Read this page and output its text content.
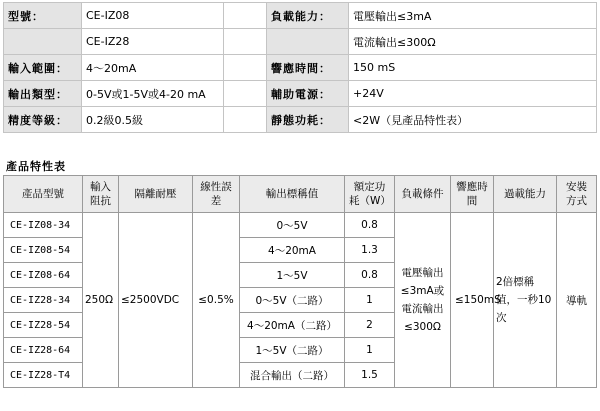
型號：	CE-IZ08		負載能力：	電壓輸出≤3mA
	CE-IZ28			電流輸出≤300Ω
輸入範圍：	4～20mA		響應時間：	150 mS
輸出類型：	0-5V或1-5V或4-20 mA		輔助電源：	+24V
精度等級：	0.2級0.5級		靜態功耗：	<2W（見產品特性表）
產品特性表
產品型號	輸入阻抗	隔離耐壓	線性誤差	輸出標稱值	額定功耗（W）	負載條件	響應時間	過載能力	安裝方式
CE-IZ08-34	250Ω	≤2500VDC	≤0.5%	0～5V	0.8	電壓輸出≤3mA或電流輸出≤300Ω	≤150mS	2倍標稱值，一秒10次	導軌
CE-IZ08-54				4～20mA	1.3				
CE-IZ08-64				1～5V	0.8				
CE-IZ28-34				0～5V（二路）	1				
CE-IZ28-54				4～20mA（二路）	2				
CE-IZ28-64				1～5V（二路）	1				
CE-IZ28-T4				混合輸出（二路）	1.5				
